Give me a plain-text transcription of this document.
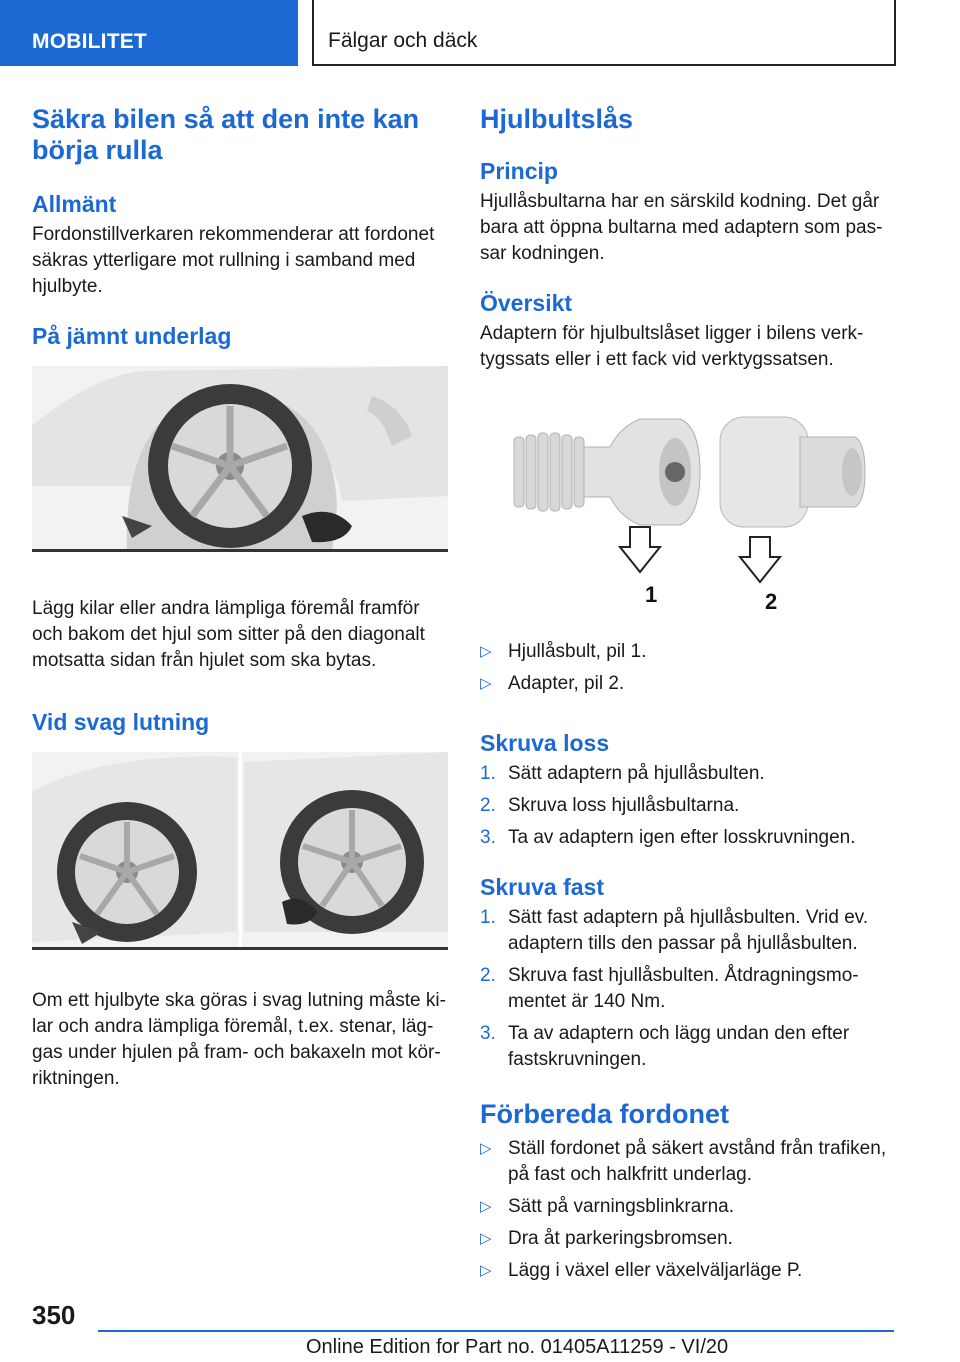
MOBILITET	Fälgar och däck
Säkra bilen så att den inte kan börja rulla
Allmänt

Fordonstillverkaren rekommenderar att fordonet säkras ytterligare mot rullning i samband med hjulbyte.

På jämnt underlag

Lägg kilar eller andra lämpliga föremål framför och bakom det hjul som sitter på den diagonalt motsatta sidan från hjulet som ska bytas.

Vid svag lutning

Om ett hjulbyte ska göras i svag lutning måste ki-lar och andra lämpliga föremål, t.ex. stenar, läg-gas under hjulen på fram- och bakaxeln mot kör-riktningen.

Hjulbultslås
Princip

Hjullåsbultarna har en särskild kodning. Det går bara att öppna bultarna med adaptern som pas-sar kodningen.

Översikt

Adaptern för hjulbultslåset ligger i bilens verk-tygssats eller i ett fack vid verktygssatsen.

1	2
▷ Hjullåsbult, pil 1.
▷ Adapter, pil 2.
Skruva loss
1. Sätt adaptern på hjullåsbulten.
2. Skruva loss hjullåsbultarna.
3. Ta av adaptern igen efter losskruvningen.
Skruva fast
1. Sätt fast adaptern på hjullåsbulten. Vrid ev. adaptern tills den passar på hjullåsbulten.
2. Skruva fast hjullåsbulten. Åtdragningsmo-mentet är 140 Nm.
3. Ta av adaptern och lägg undan den efter fastskruvningen.
Förbereda fordonet
▷ Ställ fordonet på säkert avstånd från trafiken, på fast och halkfritt underlag.
▷ Sätt på varningsblinkrarna.
▷ Dra åt parkeringsbromsen.
▷ Lägg i växel eller växelväljarläge P.
350
Online Edition for Part no. 01405A11259 - VI/20
